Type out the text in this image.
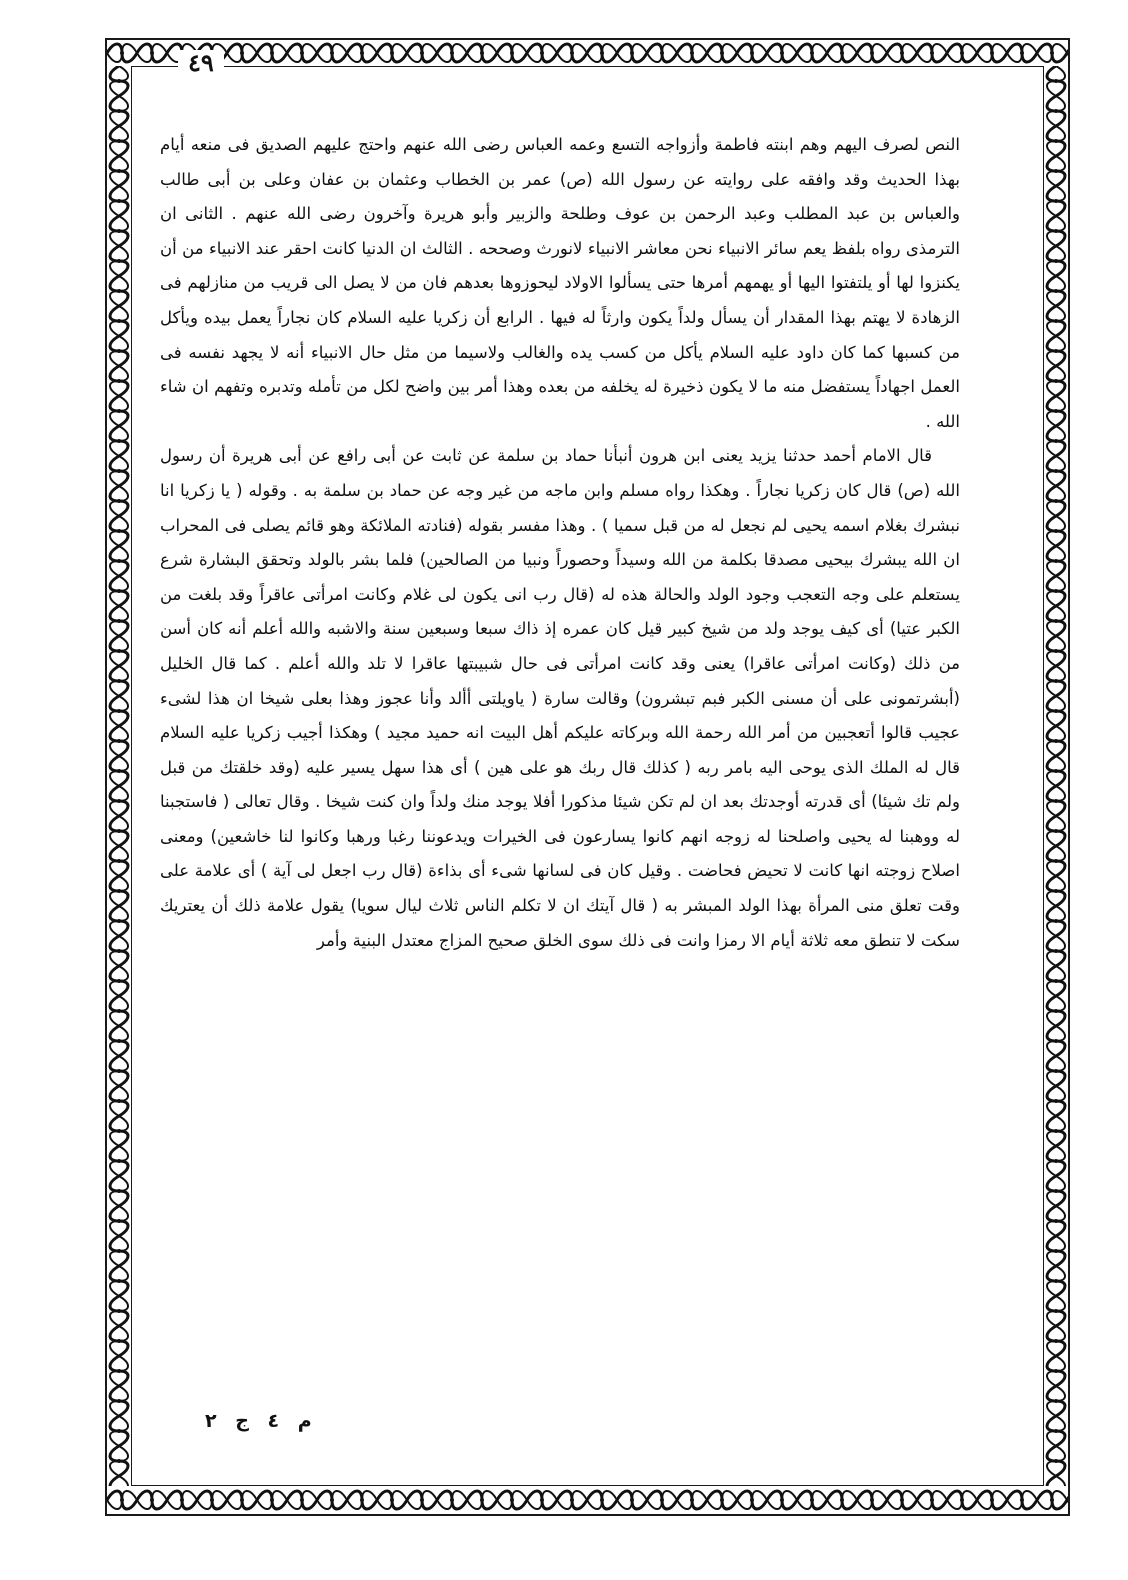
٤٩

النص لصرف اليهم وهم ابنته فاطمة وأزواجه التسع وعمه العباس رضى الله عنهم واحتج عليهم الصديق فى منعه أيام بهذا الحديث وقد وافقه على روايته عن رسول الله (ص) عمر بن الخطاب وعثمان بن عفان وعلى بن أبى طالب والعباس بن عبد المطلب وعبد الرحمن بن عوف وطلحة والزبير وأبو هريرة وآخرون رضى الله عنهم . الثانى ان الترمذى رواه بلفظ يعم سائر الانبياء نحن معاشر الانبياء لانورث وصححه . الثالث ان الدنيا كانت احقر عند الانبياء من أن يكنزوا لها أو يلتفتوا اليها أو يهمهم أمرها حتى يسألوا الاولاد ليحوزوها بعدهم فان من لا يصل الى قريب من منازلهم فى الزهادة لا يهتم بهذا المقدار أن يسأل ولداً يكون وارثاً له فيها . الرابع أن زكريا عليه السلام كان نجاراً يعمل بيده ويأكل من كسبها كما كان داود عليه السلام يأكل من كسب يده والغالب ولاسيما من مثل حال الانبياء أنه لا يجهد نفسه فى العمل اجهاداً يستفضل منه ما لا يكون ذخيرة له يخلفه من بعده وهذا أمر بين واضح لكل من تأمله وتدبره وتفهم ان شاء الله .

قال الامام أحمد حدثنا يزيد يعنى ابن هرون أنبأنا حماد بن سلمة عن ثابت عن أبى رافع عن أبى هريرة أن رسول الله (ص) قال كان زكريا نجاراً . وهكذا رواه مسلم وابن ماجه من غير وجه عن حماد بن سلمة به . وقوله ( يا زكريا انا نبشرك بغلام اسمه يحيى لم نجعل له من قبل سميا ) . وهذا مفسر بقوله (فنادته الملائكة وهو قائم يصلى فى المحراب ان الله يبشرك بيحيى مصدقا بكلمة من الله وسيداً وحصوراً ونبيا من الصالحين) فلما بشر بالولد وتحقق البشارة شرع يستعلم على وجه التعجب وجود الولد والحالة هذه له (قال رب انى يكون لى غلام وكانت امرأتى عاقراً وقد بلغت من الكبر عتيا) أى كيف يوجد ولد من شيخ كبير قيل كان عمره إذ ذاك سبعا وسبعين سنة والاشبه والله أعلم أنه كان أسن من ذلك (وكانت امرأتى عاقرا) يعنى وقد كانت امرأتى فى حال شبيبتها عاقرا لا تلد والله أعلم . كما قال الخليل (أبشرتمونى على أن مسنى الكبر فبم تبشرون) وقالت سارة ( ياويلتى أألد وأنا عجوز وهذا بعلى شيخا ان هذا لشىء عجيب قالوا أتعجبين من أمر الله رحمة الله وبركاته عليكم أهل البيت انه حميد مجيد ) وهكذا أجيب زكريا عليه السلام قال له الملك الذى يوحى اليه بامر ربه ( كذلك قال ربك هو على هين ) أى هذا سهل يسير عليه (وقد خلقتك من قبل ولم تك شيئا) أى قدرته أوجدتك بعد ان لم تكن شيئا مذكورا أفلا يوجد منك ولداً وان كنت شيخا . وقال تعالى ( فاستجبنا له ووهبنا له يحيى واصلحنا له زوجه انهم كانوا يسارعون فى الخيرات ويدعوننا رغبا ورهبا وكانوا لنا خاشعين) ومعنى اصلاح زوجته انها كانت لا تحيض فحاضت . وقيل كان فى لسانها شىء أى بذاءة (قال رب اجعل لى آية ) أى علامة على وقت تعلق منى المرأة بهذا الولد المبشر به ( قال آيتك ان لا تكلم الناس ثلاث ليال سويا) يقول علامة ذلك أن يعتريك سكت لا تنطق معه ثلاثة أيام الا رمزا وانت فى ذلك سوى الخلق صحيح المزاج معتدل البنية وأمر

م ٤ ج ٢
